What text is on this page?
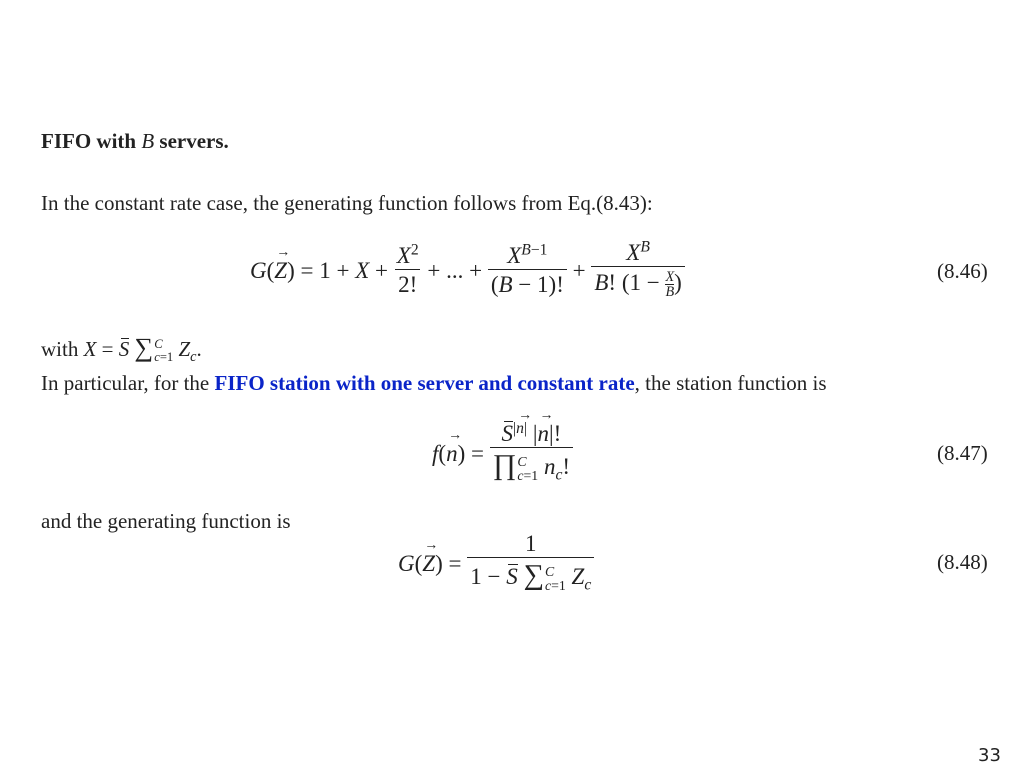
FIFO with B servers.
In the constant rate case, the generating function follows from Eq.(8.43):
G ( → Z ) = $1 + X + \frac{X^2}{2!}$ + ... + $\frac{X^{B-1}}{(B - 1)!} + \frac{X^B}{B! (1 - \frac{X}{B} )}$	(8.46)
with X = S ∑ C
c=1 $Z_c$.
In particular, for the FIFO station with one server and constant rate, the station function is
f ( → n ) = $S^{|n|}$ |→ n|!
∏ C
c=1 $n_c$!	(8.47)
and the generating function is
G ( → Z ) = 1
1 − S ∑ C
c=1 $Z_c$	(8.48)
33
